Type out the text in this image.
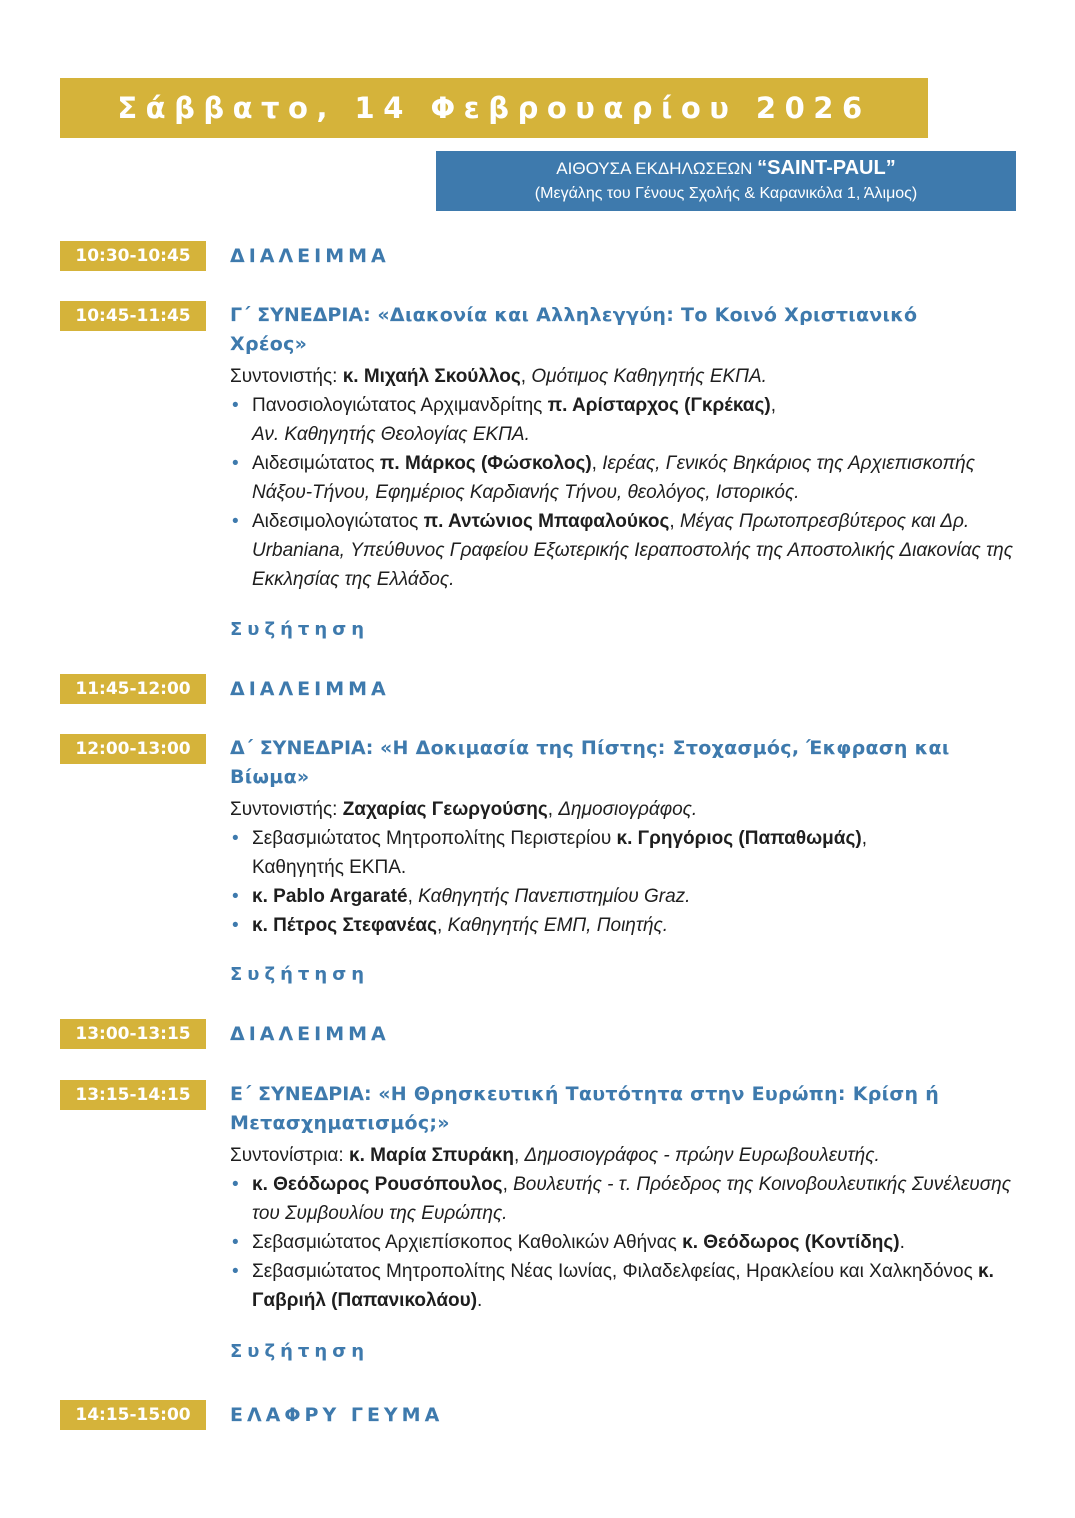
Σάββατο, 14 Φεβρουαρίου 2026
ΑΙΘΟΥΣΑ ΕΚΔΗΛΩΣΕΩΝ “SAINT-PAUL”
(Μεγάλης του Γένους Σχολής & Καρανικόλα 1, Άλιμος)
10:30-10:45	ΔΙΑΛΕΙΜΜΑ
10:45-11:45	Γ΄ ΣΥΝΕΔΡΙΑ: «Διακονία και Αλληλεγγύη: Το Κοινό Χριστιανικό Χρέος»
Συντονιστής: κ. Μιχαήλ Σκούλλος, Ομότιμος Καθηγητής ΕΚΠΑ.
• Πανοσιολογιώτατος Αρχιμανδρίτης π. Αρίσταρχος (Γκρέκας),
Αν. Καθηγητής Θεολογίας ΕΚΠΑ.
• Αιδεσιμώτατος π. Μάρκος (Φώσκολος), Ιερέας, Γενικός Βηκάριος της Αρχιεπισκοπής Νάξου-Τήνου, Εφημέριος Καρδιανής Τήνου, θεολόγος, Ιστορικός.
• Αιδεσιμολογιώτατος π. Αντώνιος Μπαφαλούκος, Μέγας Πρωτοπρεσβύτερος και Δρ. Urbaniana, Υπεύθυνος Γραφείου Εξωτερικής Ιεραποστολής της Αποστολικής Διακονίας της Εκκλησίας της Ελλάδος.
Συζήτηση
11:45-12:00	ΔΙΑΛΕΙΜΜΑ
12:00-13:00	Δ΄ ΣΥΝΕΔΡΙΑ: «Η Δοκιμασία της Πίστης: Στοχασμός, Έκφραση και Βίωμα»
Συντονιστής: Ζαχαρίας Γεωργούσης, Δημοσιογράφος.
• Σεβασμιώτατος Μητροπολίτης Περιστερίου κ. Γρηγόριος (Παπαθωμάς),
Καθηγητής ΕΚΠΑ.
• κ. Pablo Argaraté, Καθηγητής Πανεπιστημίου Graz.
• κ. Πέτρος Στεφανέας, Καθηγητής ΕΜΠ, Ποιητής.
Συζήτηση
13:00-13:15	ΔΙΑΛΕΙΜΜΑ
13:15-14:15	Ε΄ ΣΥΝΕΔΡΙΑ: «Η Θρησκευτική Ταυτότητα στην Ευρώπη: Κρίση ή Μετασχηματισμός;»
Συντονίστρια: κ. Μαρία Σπυράκη, Δημοσιογράφος - πρώην Ευρωβουλευτής.
• κ. Θεόδωρος Ρουσόπουλος, Βουλευτής - τ. Πρόεδρος της Κοινοβουλευτικής Συνέλευσης του Συμβουλίου της Ευρώπης.
• Σεβασμιώτατος Αρχιεπίσκοπος Καθολικών Αθήνας κ. Θεόδωρος (Κοντίδης).
• Σεβασμιώτατος Μητροπολίτης Νέας Ιωνίας, Φιλαδελφείας, Ηρακλείου και Χαλκηδόνος κ. Γαβριήλ (Παπανικολάου).
Συζήτηση
14:15-15:00	ΕΛΑΦΡΥ ΓΕΥΜΑ
